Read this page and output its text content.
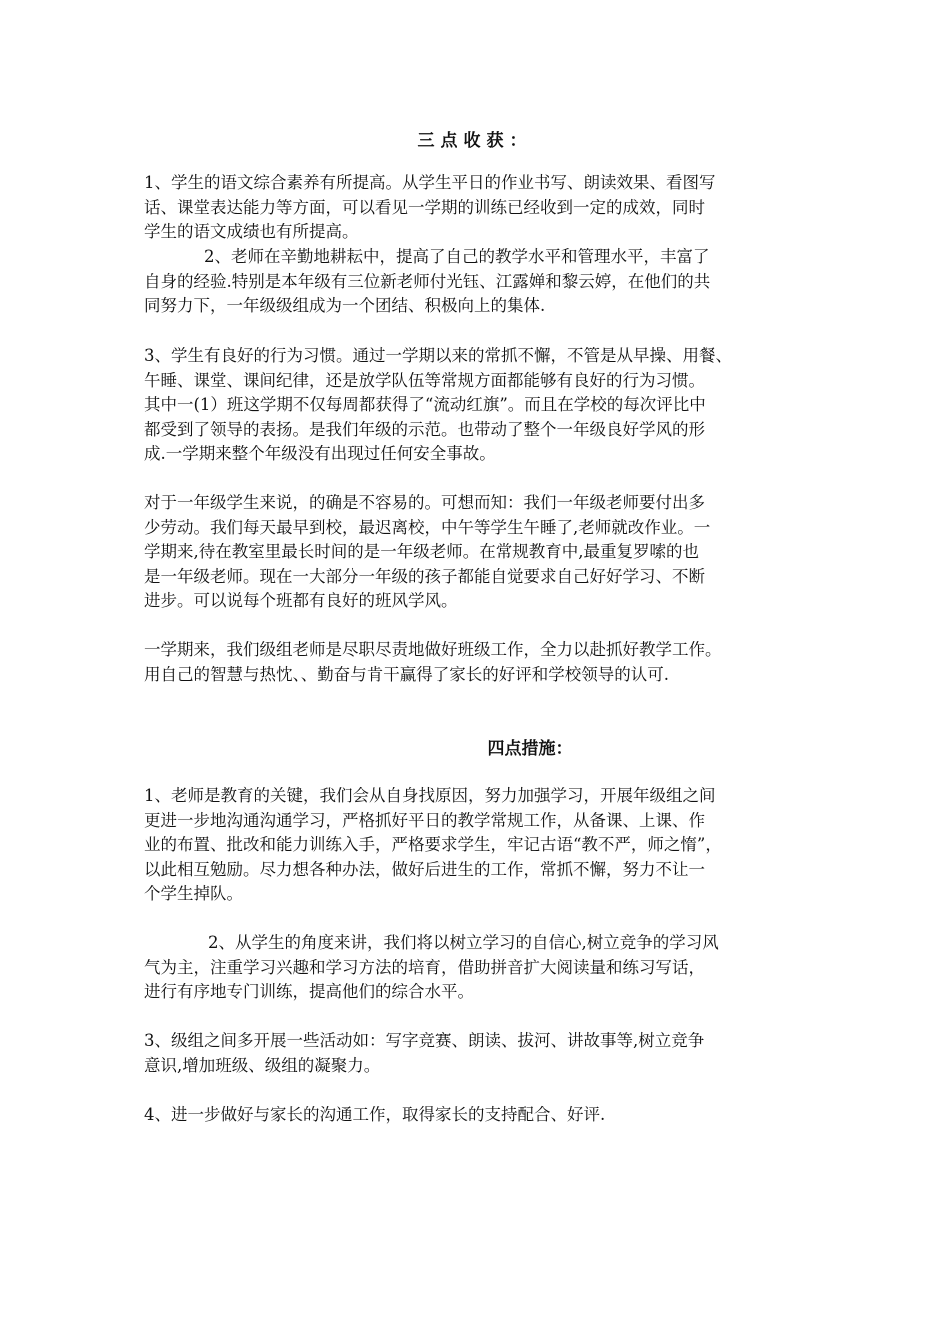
三点收获：

1、学生的语文综合素养有所提高。从学生平日的作业书写、朗读效果、看图写
话、课堂表达能力等方面，可以看见一学期的训练已经收到一定的成效，同时
学生的语文成绩也有所提高。

2、老师在辛勤地耕耘中，提高了自己的教学水平和管理水平，丰富了
自身的经验.特别是本年级有三位新老师付光钰、江露婵和黎云婷，在他们的共
同努力下，一年级级组成为一个团结、积极向上的集体.

3、学生有良好的行为习惯。通过一学期以来的常抓不懈，不管是从早操、用餐、
午睡、课堂、课间纪律，还是放学队伍等常规方面都能够有良好的行为习惯。
其中一(1）班这学期不仅每周都获得了“流动红旗”。而且在学校的每次评比中
都受到了领导的表扬。是我们年级的示范。也带动了整个一年级良好学风的形
成.一学期来整个年级没有出现过任何安全事故。

对于一年级学生来说，的确是不容易的。可想而知：我们一年级老师要付出多
少劳动。我们每天最早到校，最迟离校，中午等学生午睡了,老师就改作业。一
学期来,待在教室里最长时间的是一年级老师。在常规教育中,最重复罗嗦的也
是一年级老师。现在一大部分一年级的孩子都能自觉要求自己好好学习、不断
进步。可以说每个班都有良好的班风学风。

一学期来，我们级组老师是尽职尽责地做好班级工作，全力以赴抓好教学工作。
用自己的智慧与热忱、、勤奋与肯干赢得了家长的好评和学校领导的认可.

四点措施：

1、老师是教育的关键，我们会从自身找原因，努力加强学习，开展年级组之间
更进一步地沟通沟通学习，严格抓好平日的教学常规工作，从备课、上课、作
业的布置、批改和能力训练入手，严格要求学生，牢记古语“教不严，师之惰”，
以此相互勉励。尽力想各种办法，做好后进生的工作，常抓不懈，努力不让一
个学生掉队。

2、从学生的角度来讲，我们将以树立学习的自信心,树立竞争的学习风
气为主，注重学习兴趣和学习方法的培育，借助拼音扩大阅读量和练习写话，
进行有序地专门训练，提高他们的综合水平。

3、级组之间多开展一些活动如：写字竞赛、朗读、拔河、讲故事等,树立竞争
意识,增加班级、级组的凝聚力。

4、进一步做好与家长的沟通工作，取得家长的支持配合、好评.
